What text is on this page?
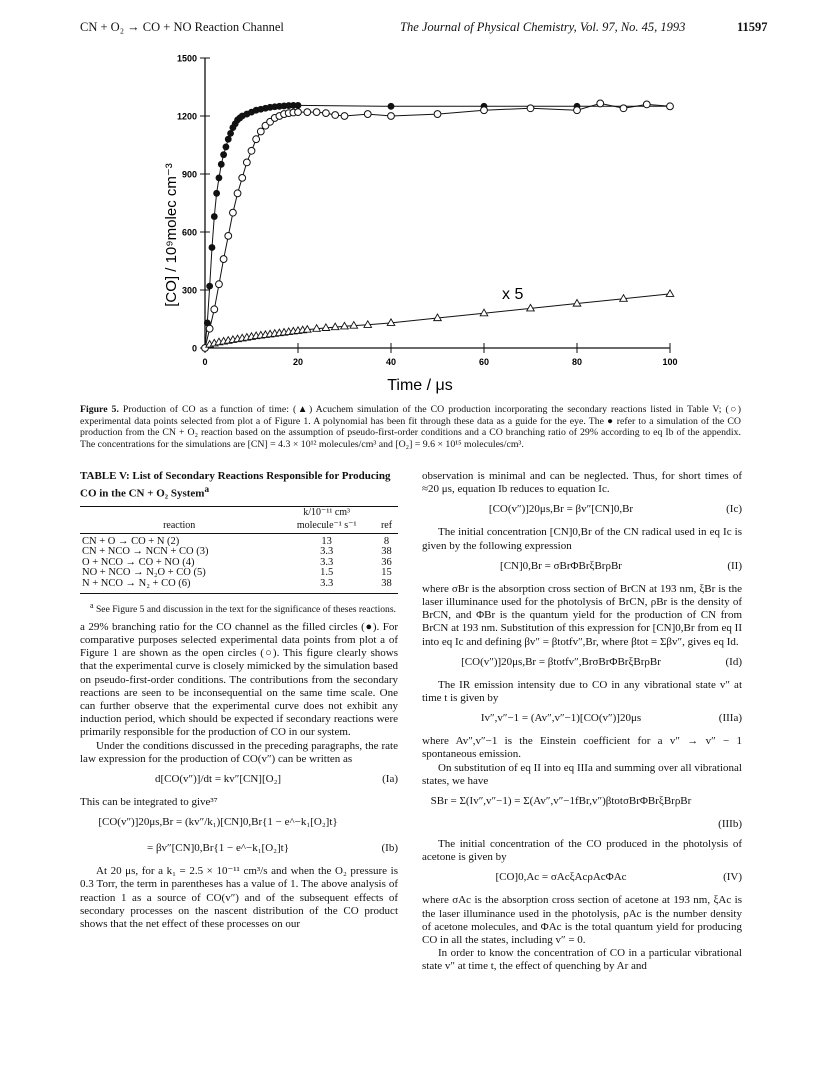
CN + O₂ → CO + NO Reaction Channel	The Journal of Physical Chemistry, Vol. 97, No. 45, 1993	11597
0
300
600
900
1200
1500
0	20	40	60	80	100
x 5
Time / μs
[CO] / 10⁹molec cm⁻³
Figure 5. Production of CO as a function of time: (▲) Acuchem simulation of the CO production incorporating the secondary reactions listed in Table V; (○) experimental data points selected from plot a of Figure 1. A polynomial has been fit through these data as a guide for the eye. The ● refer to a simulation of the CO production from the CN + O₂ reaction based on the assumption of pseudo-first-order conditions and a CO branching ratio of 29% according to eq Ib of the appendix. The concentrations for the simulations are [CN] = 4.3 × 10¹² molecules/cm³ and [O₂] = 9.6 × 10¹⁵ molecules/cm³.
TABLE V: List of Secondary Reactions Responsible for Producing CO in the CN + O₂ System$^a$
	k/10⁻¹¹ cm³	
reaction	molecule⁻¹ s⁻¹	ref
CN + O → CO + N (2)	13	8
CN + NCO → NCN + CO (3)	3.3	38
O + NCO → CO + NO (4)	3.3	36
NO + NCO → N₂O + CO (5)	1.5	15
N + NCO → N₂ + CO (6)	3.3	38
$^a$ See Figure 5 and discussion in the text for the significance of theses reactions.

a 29% branching ratio for the CO channel as the filled circles (●). For comparative purposes selected experimental data points from plot a of Figure 1 are shown as the open circles (○). This figure clearly shows that the experimental curve is closely mimicked by the simulation based on pseudo-first-order conditions. The contributions from the secondary reactions are seen to be inconsequential on the same time scale. One can further observe that the experimental curve does not exhibit any induction period, which should be expected if secondary reactions were primarily responsible for the production of CO in our system.

Under the conditions discussed in the preceding paragraphs, the rate law expression for the production of CO(v″) can be written as

d[CO(v″)]/dt = kv″[CN][O₂]	(Ia)

This can be integrated to give³⁷

[CO(v″)]20μs,Br = (kv″/k₁)[CN]0,Br{1 − e^−k₁[O₂]t}
= βv″[CN]0,Br{1 − e^−k₁[O₂]t}	(Ib)

At 20 μs, for a k₁ = 2.5 × 10⁻¹¹ cm³/s and when the O₂ pressure is 0.3 Torr, the term in parentheses has a value of 1. The above analysis of reaction 1 as a source of CO(v″) and of the subsequent effects of secondary processes on the nascent distribution of the CO product shows that the net effect of these processes on our

observation is minimal and can be neglected. Thus, for short times of ≈20 μs, equation Ib reduces to equation Ic.

[CO(v″)]20μs,Br = βv″[CN]0,Br	(Ic)

The initial concentration [CN]0,Br of the CN radical used in eq Ic is given by the following expression

[CN]0,Br = σBrΦBrξBrρBr	(II)

where σBr is the absorption cross section of BrCN at 193 nm, ξBr is the laser illuminance used for the photolysis of BrCN, ρBr is the density of BrCN, and ΦBr is the quantum yield for the production of CN from BrCN at 193 nm. Substitution of this expression for [CN]0,Br from eq II into eq Ic and defining βv″ = βtotfv″,Br, where βtot = Σβv″, gives eq Id.

[CO(v″)]20μs,Br = βtotfv″,BrσBrΦBrξBrρBr	(Id)

The IR emission intensity due to CO in any vibrational state v″ at time t is given by

Iv″,v″−1 = (Av″,v″−1)[CO(v″)]20μs	(IIIa)

where Av″,v″−1 is the Einstein coefficient for a v″ → v″ − 1 spontaneous emission.

On substitution of eq II into eq IIIa and summing over all vibrational states, we have

SBr = Σ(Iv″,v″−1) = Σ(Av″,v″−1fBr,v″)βtotσBrΦBrξBrρBr
(IIIb)

The initial concentration of the CO produced in the photolysis of acetone is given by

[CO]0,Ac = σAcξAcρAcΦAc	(IV)

where σAc is the absorption cross section of acetone at 193 nm, ξAc is the laser illuminance used in the photolysis, ρAc is the number density of acetone molecules, and ΦAc is the total quantum yield for producing CO in all the states, including v″ = 0.

In order to know the concentration of CO in a particular vibrational state v″ at time t, the effect of quenching by Ar and
